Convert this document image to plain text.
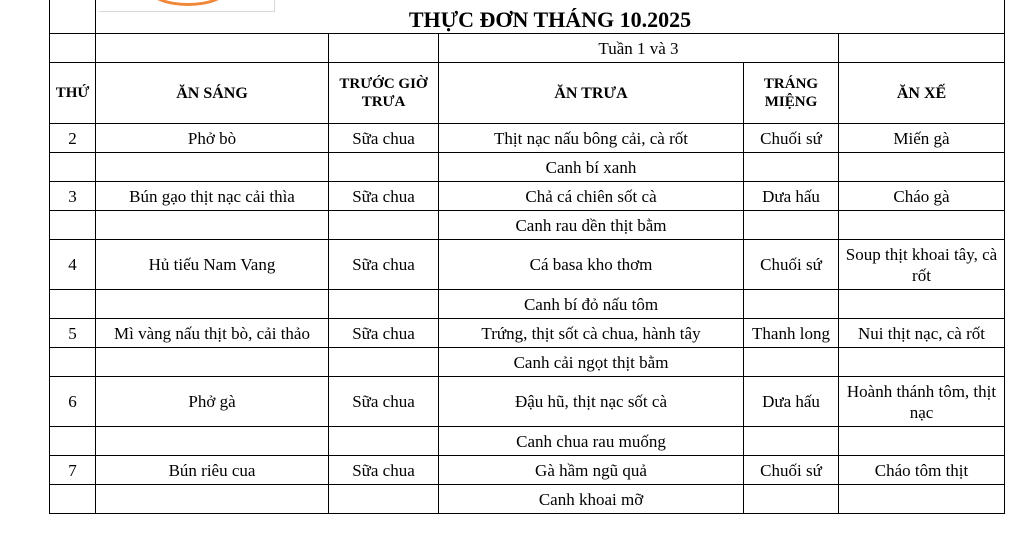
	THỰC ĐƠN THÁNG 10.2025				
			Tuần 1 và 3		
THỨ	ĂN SÁNG	TRƯỚC GIỜ TRƯA	ĂN TRƯA	TRÁNG MIỆNG	ĂN XẾ
2	Phở bò	Sữa chua	Thịt nạc nấu bông cải, cà rốt	Chuối sứ	Miến gà
			Canh bí xanh		
3	Bún gạo thịt nạc cải thìa	Sữa chua	Chả cá chiên sốt cà	Dưa hấu	Cháo gà
			Canh rau dền thịt bằm		
4	Hủ tiếu Nam Vang	Sữa chua	Cá basa kho thơm	Chuối sứ	Soup thịt khoai tây, cà rốt
			Canh bí đỏ nấu tôm		
5	Mì vàng nấu thịt bò, cải thảo	Sữa chua	Trứng, thịt sốt cà chua, hành tây	Thanh long	Nui thịt nạc, cà rốt
			Canh cải ngọt thịt bằm		
6	Phở gà	Sữa chua	Đậu hũ, thịt nạc sốt cà	Dưa hấu	Hoành thánh tôm, thịt nạc
			Canh chua rau muống		
7	Bún riêu cua	Sữa chua	Gà hầm ngũ quả	Chuối sứ	Cháo tôm thịt
			Canh khoai mỡ		
